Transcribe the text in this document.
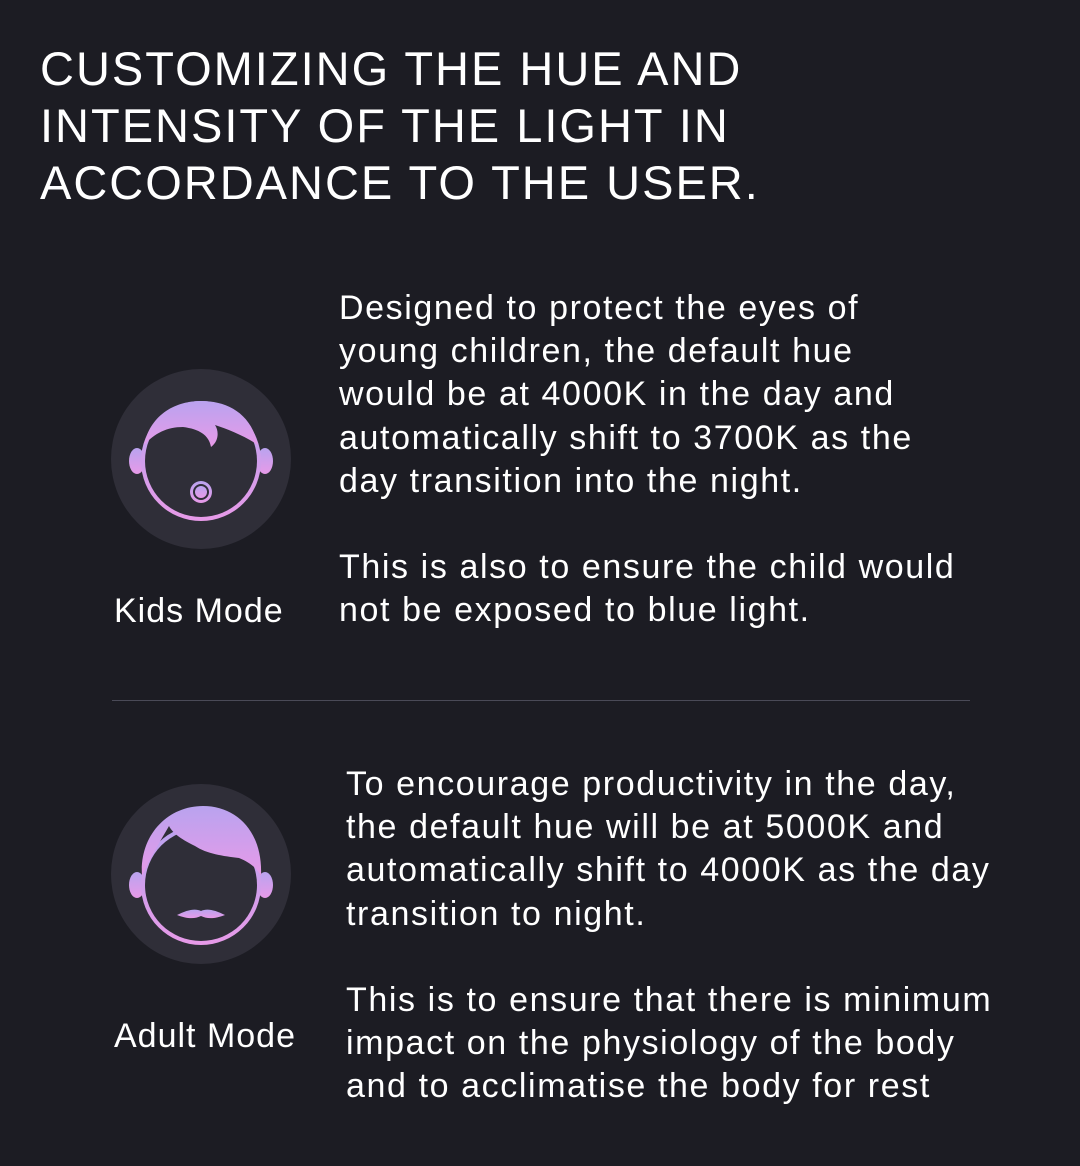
CUSTOMIZING THE HUE AND
INTENSITY OF THE LIGHT IN
ACCORDANCE TO THE USER.
Kids Mode

Designed to protect the eyes of
young children, the default hue
would be at 4000K in the day and
automatically shift to 3700K as the
day transition into the night.

This is also to ensure the child would
not be exposed to blue light.

Adult Mode

To encourage productivity in the day,
the default hue will be at 5000K and
automatically shift to 4000K as the day
transition to night.

This is to ensure that there is minimum
impact on the physiology of the body
and to acclimatise the body for rest
